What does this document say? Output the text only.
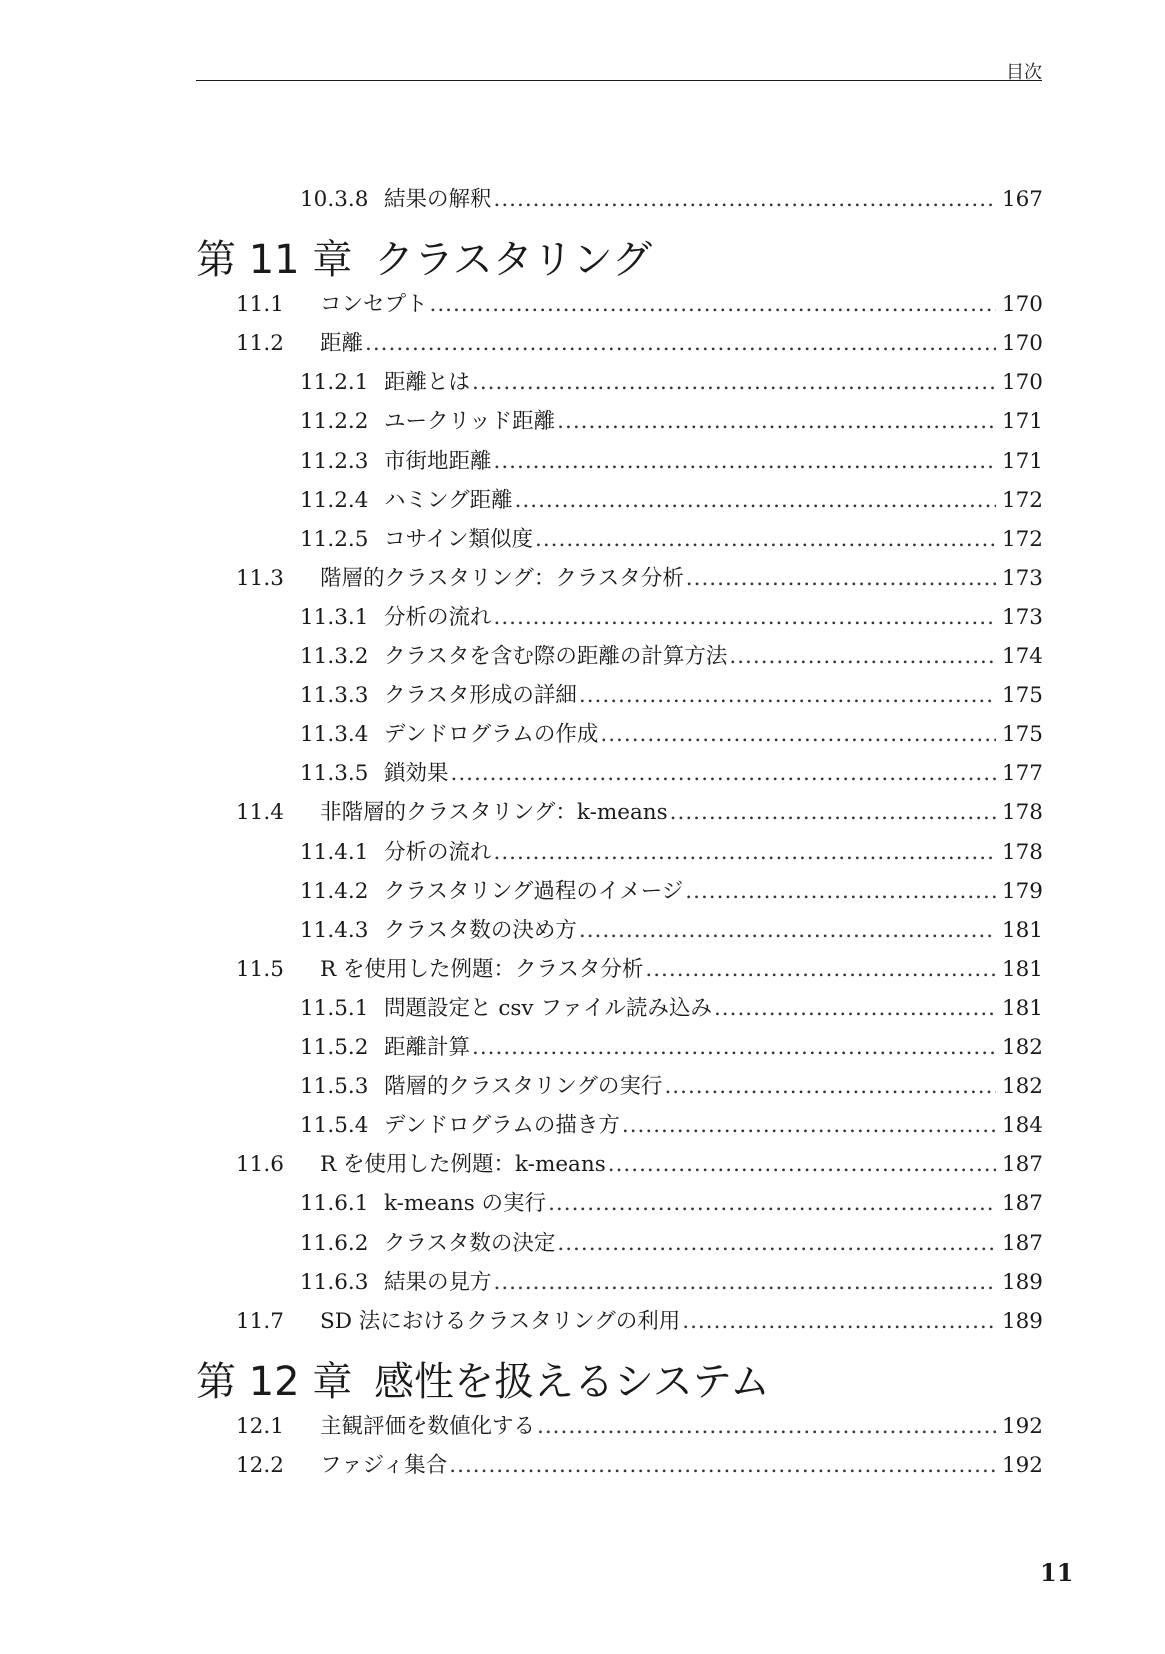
目次
10.3.8 結果の解釈 .....	167
第 11 章 クラスタリング
11.1	コンセプト .....	170
11.2	距離 .....	170
11.2.1 距離とは .....	170
11.2.2 ユークリッド距離 .....	171
11.2.3 市街地距離 .....	171
11.2.4 ハミング距離 .....	172
11.2.5 コサイン類似度 .....	172
11.3	階層的クラスタリング：クラスタ分析 .....	173
11.3.1 分析の流れ .....	173
11.3.2 クラスタを含む際の距離の計算方法 .....	174
11.3.3 クラスタ形成の詳細 .....	175
11.3.4 デンドログラムの作成 .....	175
11.3.5 鎖効果 .....	177
11.4	非階層的クラスタリング：k-means .....	178
11.4.1 分析の流れ .....	178
11.4.2 クラスタリング過程のイメージ .....	179
11.4.3 クラスタ数の決め方 .....	181
11.5	R を使用した例題：クラスタ分析 .....	181
11.5.1 問題設定と csv ファイル読み込み .....	181
11.5.2 距離計算 .....	182
11.5.3 階層的クラスタリングの実行 .....	182
11.5.4 デンドログラムの描き方 .....	184
11.6	R を使用した例題：k-means .....	187
11.6.1 k-means の実行 .....	187
11.6.2 クラスタ数の決定 .....	187
11.6.3 結果の見方 .....	189
11.7	SD 法におけるクラスタリングの利用 .....	189
第 12 章 感性を扱えるシステム
12.1	主観評価を数値化する .....	192
12.2	ファジィ集合 .....	192
11
